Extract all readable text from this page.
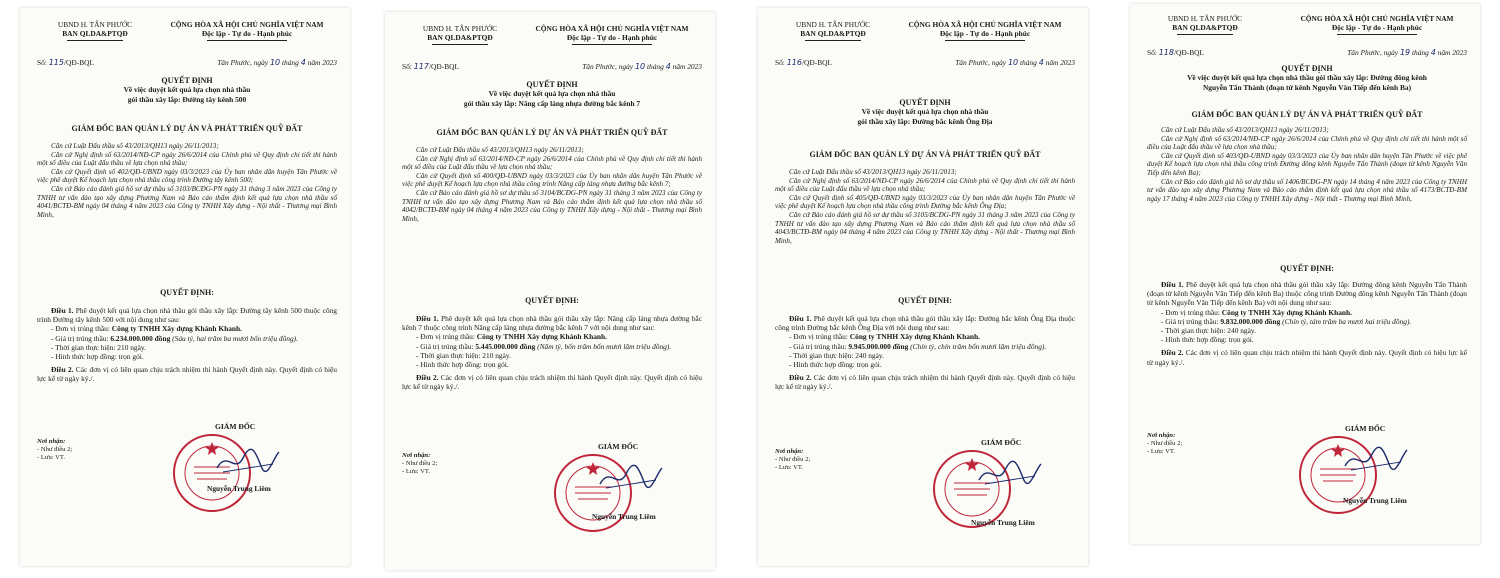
UBND H. TÂN PHƯỚC
BAN QLDA&PTQĐ
CỘNG HÒA XÃ HỘI CHỦ NGHĨA VIỆT NAM
Độc lập - Tự do - Hạnh phúc
Số: 115/QĐ-BQL	Tân Phước, ngày 10 tháng 4 năm 2023
QUYẾT ĐỊNH
Về việc duyệt kết quả lựa chọn nhà thầu
gói thầu xây lắp: Đường tây kênh 500
GIÁM ĐỐC BAN QUẢN LÝ DỰ ÁN VÀ PHÁT TRIỂN QUỸ ĐẤT

Căn cứ Luật Đấu thầu số 43/2013/QH13 ngày 26/11/2013;

Căn cứ Nghị định số 63/2014/NĐ-CP ngày 26/6/2014 của Chính phủ về Quy định chi tiết thi hành một số điều của Luật đấu thầu về lựa chọn nhà thầu;

Căn cứ Quyết định số 402/QĐ-UBND ngày 03/3/2023 của Ủy ban nhân dân huyện Tân Phước về việc phê duyệt Kế hoạch lựa chọn nhà thầu công trình Đường tây kênh 500;

Căn cứ Báo cáo đánh giá hồ sơ dự thầu số 3103/BCĐG-PN ngày 31 tháng 3 năm 2023 của Công ty TNHH tư vấn đào tạo xây dựng Phương Nam và Báo cáo thẩm định kết quả lựa chọn nhà thầu số 4041/BCTĐ-BM ngày 04 tháng 4 năm 2023 của Công ty TNHH Xây dựng - Nội thất - Thương mại Bình Minh,

QUYẾT ĐỊNH:

Điều 1. Phê duyệt kết quả lựa chọn nhà thầu gói thầu xây lắp: Đường tây kênh 500 thuộc công trình Đường tây kênh 500 với nội dung như sau:

- Đơn vị trúng thầu: Công ty TNHH Xây dựng Khánh Khanh.

- Giá trị trúng thầu: 6.234.000.000 đồng (Sáu tỷ, hai trăm ba mươi bốn triệu đồng).

- Thời gian thực hiện: 210 ngày.

- Hình thức hợp đồng: trọn gói.

Điều 2. Các đơn vị có liên quan chịu trách nhiệm thi hành Quyết định này. Quyết định có hiệu lực kể từ ngày ký./.

Nơi nhận:
- Như điều 2;
- Lưu: VT.
GIÁM ĐỐC
Nguyễn Trung Liêm
UBND H. TÂN PHƯỚC
BAN QLDA&PTQĐ
CỘNG HÒA XÃ HỘI CHỦ NGHĨA VIỆT NAM
Độc lập - Tự do - Hạnh phúc
Số: 117/QĐ-BQL	Tân Phước, ngày 10 tháng 4 năm 2023
QUYẾT ĐỊNH
Về việc duyệt kết quả lựa chọn nhà thầu
gói thầu xây lắp: Nâng cấp láng nhựa đường bắc kênh 7
GIÁM ĐỐC BAN QUẢN LÝ DỰ ÁN VÀ PHÁT TRIỂN QUỸ ĐẤT

Căn cứ Luật Đấu thầu số 43/2013/QH13 ngày 26/11/2013;

Căn cứ Nghị định số 63/2014/NĐ-CP ngày 26/6/2014 của Chính phủ về Quy định chi tiết thi hành một số điều của Luật đấu thầu về lựa chọn nhà thầu;

Căn cứ Quyết định số 400/QĐ-UBND ngày 03/3/2023 của Ủy ban nhân dân huyện Tân Phước về việc phê duyệt Kế hoạch lựa chọn nhà thầu công trình Nâng cấp láng nhựa đường bắc kênh 7;

Căn cứ Báo cáo đánh giá hồ sơ dự thầu số 3104/BCĐG-PN ngày 31 tháng 3 năm 2023 của Công ty TNHH tư vấn đào tạo xây dựng Phương Nam và Báo cáo thẩm định kết quả lựa chọn nhà thầu số 4042/BCTĐ-BM ngày 04 tháng 4 năm 2023 của Công ty TNHH Xây dựng - Nội thất - Thương mại Bình Minh,

QUYẾT ĐỊNH:

Điều 1. Phê duyệt kết quả lựa chọn nhà thầu gói thầu xây lắp: Nâng cấp láng nhựa đường bắc kênh 7 thuộc công trình Nâng cấp láng nhựa đường bắc kênh 7 với nội dung như sau:

- Đơn vị trúng thầu: Công ty TNHH Xây dựng Khánh Khanh.

- Giá trị trúng thầu: 5.445.000.000 đồng (Năm tỷ, bốn trăm bốn mươi lăm triệu đồng).

- Thời gian thực hiện: 210 ngày.

- Hình thức hợp đồng: trọn gói.

Điều 2. Các đơn vị có liên quan chịu trách nhiệm thi hành Quyết định này. Quyết định có hiệu lực kể từ ngày ký./.

Nơi nhận:
- Như điều 2;
- Lưu: VT.
GIÁM ĐỐC
Nguyễn Trung Liêm
UBND H. TÂN PHƯỚC
BAN QLDA&PTQĐ
CỘNG HÒA XÃ HỘI CHỦ NGHĨA VIỆT NAM
Độc lập - Tự do - Hạnh phúc
Số: 116/QĐ-BQL	Tân Phước, ngày 10 tháng 4 năm 2023
QUYẾT ĐỊNH
Về việc duyệt kết quả lựa chọn nhà thầu
gói thầu xây lắp: Đường bắc kênh Ông Địa
GIÁM ĐỐC BAN QUẢN LÝ DỰ ÁN VÀ PHÁT TRIỂN QUỸ ĐẤT

Căn cứ Luật Đấu thầu số 43/2013/QH13 ngày 26/11/2013;

Căn cứ Nghị định số 63/2014/NĐ-CP ngày 26/6/2014 của Chính phủ về Quy định chi tiết thi hành một số điều của Luật đấu thầu về lựa chọn nhà thầu;

Căn cứ Quyết định số 405/QĐ-UBND ngày 03/3/2023 của Ủy ban nhân dân huyện Tân Phước về việc phê duyệt Kế hoạch lựa chọn nhà thầu công trình Đường bắc kênh Ông Địa;

Căn cứ Báo cáo đánh giá hồ sơ dự thầu số 3105/BCĐG-PN ngày 31 tháng 3 năm 2023 của Công ty TNHH tư vấn đào tạo xây dựng Phương Nam và Báo cáo thẩm định kết quả lựa chọn nhà thầu số 4043/BCTĐ-BM ngày 04 tháng 4 năm 2023 của Công ty TNHH Xây dựng - Nội thất - Thương mại Bình Minh,

QUYẾT ĐỊNH:

Điều 1. Phê duyệt kết quả lựa chọn nhà thầu gói thầu xây lắp: Đường bắc kênh Ông Địa thuộc công trình Đường bắc kênh Ông Địa với nội dung như sau:

- Đơn vị trúng thầu: Công ty TNHH Xây dựng Khánh Khanh.

- Giá trị trúng thầu: 9.945.000.000 đồng (Chín tỷ, chín trăm bốn mươi lăm triệu đồng).

- Thời gian thực hiện: 240 ngày.

- Hình thức hợp đồng: trọn gói.

Điều 2. Các đơn vị có liên quan chịu trách nhiệm thi hành Quyết định này. Quyết định có hiệu lực kể từ ngày ký./.

Nơi nhận:
- Như điều 2;
- Lưu: VT.
GIÁM ĐỐC
Nguyễn Trung Liêm
UBND H. TÂN PHƯỚC
BAN QLDA&PTQĐ
CỘNG HÒA XÃ HỘI CHỦ NGHĨA VIỆT NAM
Độc lập - Tự do - Hạnh phúc
Số: 118/QĐ-BQL	Tân Phước, ngày 19 tháng 4 năm 2023
QUYẾT ĐỊNH
Về việc duyệt kết quả lựa chọn nhà thầu gói thầu xây lắp: Đường đông kênh
Nguyễn Tấn Thành (đoạn từ kênh Nguyễn Văn Tiếp đến kênh Ba)
GIÁM ĐỐC BAN QUẢN LÝ DỰ ÁN VÀ PHÁT TRIỂN QUỸ ĐẤT

Căn cứ Luật Đấu thầu số 43/2013/QH13 ngày 26/11/2013;

Căn cứ Nghị định số 63/2014/NĐ-CP ngày 26/6/2014 của Chính phủ về Quy định chi tiết thi hành một số điều của Luật đấu thầu về lựa chọn nhà thầu;

Căn cứ Quyết định số 403/QĐ-UBND ngày 03/3/2023 của Ủy ban nhân dân huyện Tân Phước về việc phê duyệt Kế hoạch lựa chọn nhà thầu công trình Đường đông kênh Nguyễn Tấn Thành (đoạn từ kênh Nguyễn Văn Tiếp đến kênh Ba);

Căn cứ Báo cáo đánh giá hồ sơ dự thầu số 1406/BCĐG-PN ngày 14 tháng 4 năm 2023 của Công ty TNHH tư vấn đào tạo xây dựng Phương Nam và Báo cáo thẩm định kết quả lựa chọn nhà thầu số 4173/BCTĐ-BM ngày 17 tháng 4 năm 2023 của Công ty TNHH Xây dựng - Nội thất - Thương mại Bình Minh,

QUYẾT ĐỊNH:

Điều 1. Phê duyệt kết quả lựa chọn nhà thầu gói thầu xây lắp: Đường đông kênh Nguyễn Tấn Thành (đoạn từ kênh Nguyễn Văn Tiếp đến kênh Ba) thuộc công trình Đường đông kênh Nguyễn Tấn Thành (đoạn từ kênh Nguyễn Văn Tiếp đến kênh Ba) với nội dung như sau:

- Đơn vị trúng thầu: Công ty TNHH Xây dựng Khánh Khanh.

- Giá trị trúng thầu: 9.832.000.000 đồng (Chín tỷ, tám trăm ba mươi hai triệu đồng).

- Thời gian thực hiện: 240 ngày.

- Hình thức hợp đồng: trọn gói.

Điều 2. Các đơn vị có liên quan chịu trách nhiệm thi hành Quyết định này. Quyết định có hiệu lực kể từ ngày ký./.

Nơi nhận:
- Như điều 2;
- Lưu: VT.
GIÁM ĐỐC
Nguyễn Trung Liêm
